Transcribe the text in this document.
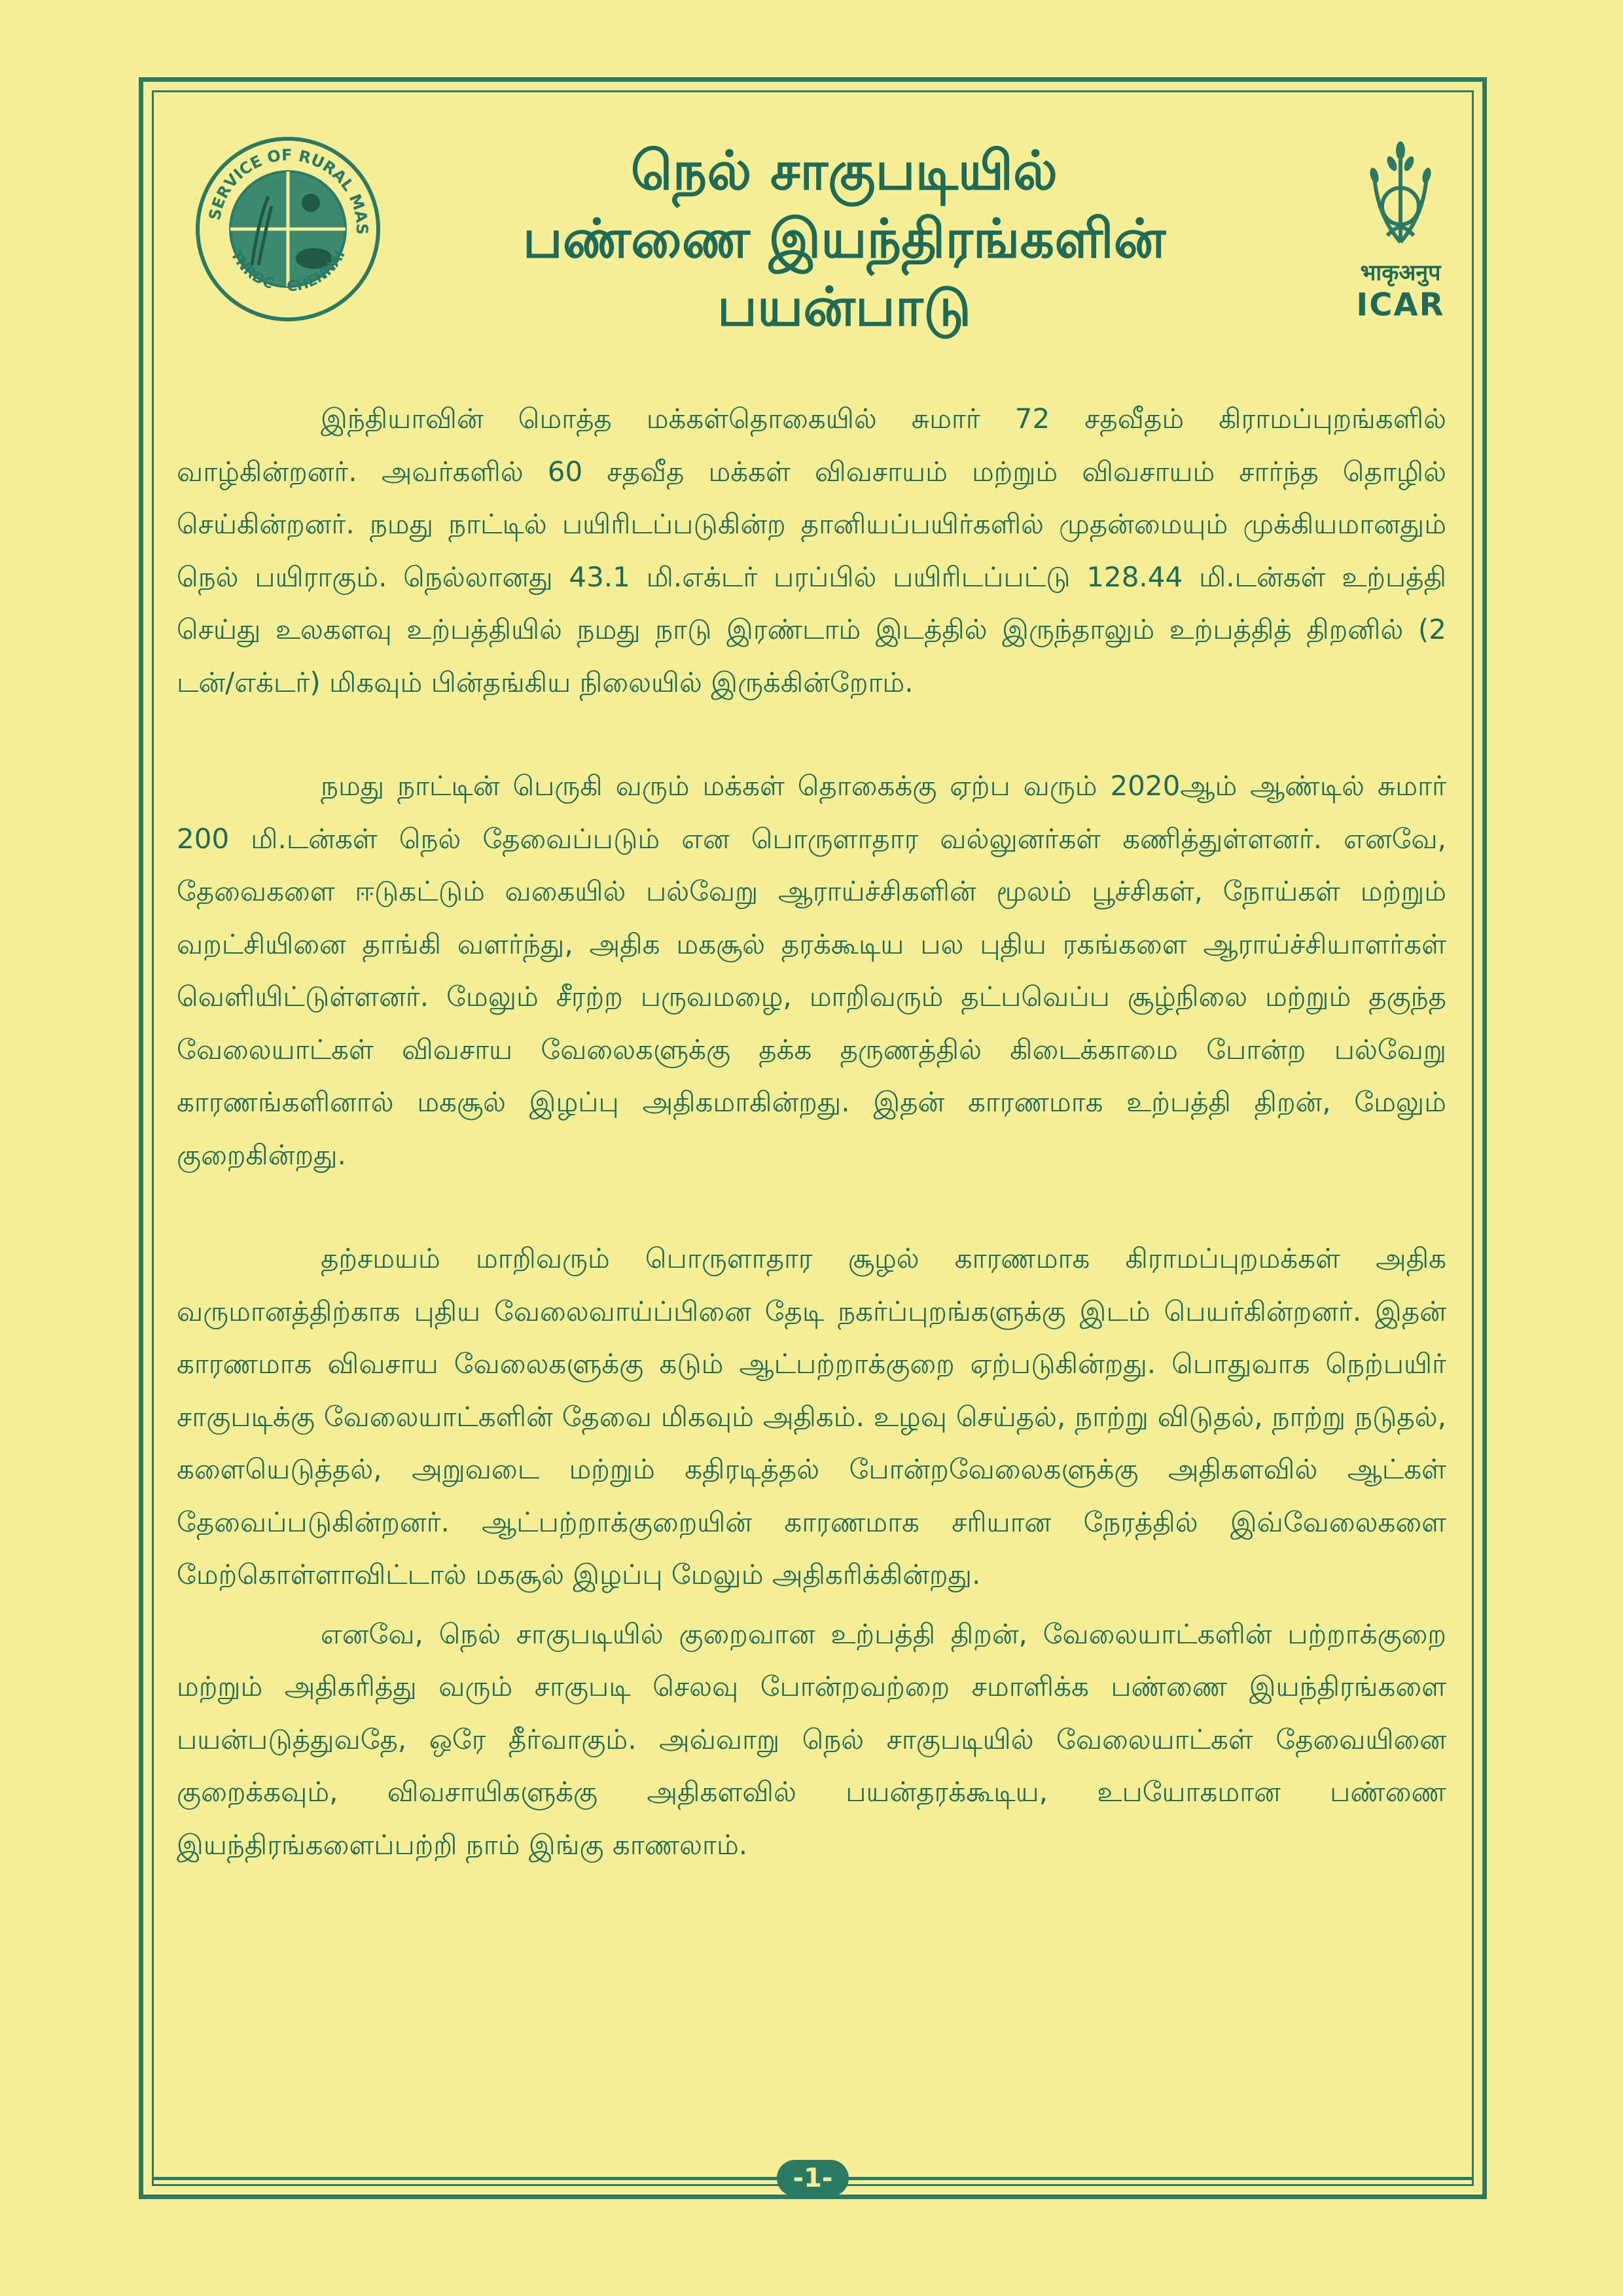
SERVICE OF RURAL MAS
TNRDC - CHENNAI
நெல் சாகுபடியில்
பண்ணை இயந்திரங்களின்
பயன்பாடு
भाकृअनुप
ICAR

இந்தியாவின் மொத்த மக்கள்தொகையில் சுமார் 72 சதவீதம் கிராமப்புறங்களில் வாழ்கின்றனர். அவர்களில் 60 சதவீத மக்கள் விவசாயம் மற்றும் விவசாயம் சார்ந்த தொழில் செய்கின்றனர். நமது நாட்டில் பயிரிடப்படுகின்ற தானியப்பயிர்களில் முதன்மையும் முக்கியமானதும் நெல் பயிராகும். நெல்லானது 43.1 மி.எக்டர் பரப்பில் பயிரிடப்பட்டு 128.44 மி.டன்கள் உற்பத்தி செய்து உலகளவு உற்பத்தியில் நமது நாடு இரண்டாம் இடத்தில் இருந்தாலும் உற்பத்தித் திறனில் (2 டன்/எக்டர்) மிகவும் பின்தங்கிய நிலையில் இருக்கின்றோம்.

நமது நாட்டின் பெருகி வரும் மக்கள் தொகைக்கு ஏற்ப வரும் 2020ஆம் ஆண்டில் சுமார் 200 மி.டன்கள் நெல் தேவைப்படும் என பொருளாதார வல்லுனர்கள் கணித்துள்ளனர். எனவே, தேவைகளை ஈடுகட்டும் வகையில் பல்வேறு ஆராய்ச்சிகளின் மூலம் பூச்சிகள், நோய்கள் மற்றும் வறட்சியினை தாங்கி வளர்ந்து, அதிக மகசூல் தரக்கூடிய பல புதிய ரகங்களை ஆராய்ச்சியாளர்கள் வெளியிட்டுள்ளனர். மேலும் சீரற்ற பருவமழை, மாறிவரும் தட்பவெப்ப சூழ்நிலை மற்றும் தகுந்த வேலையாட்கள் விவசாய வேலைகளுக்கு தக்க தருணத்தில் கிடைக்காமை போன்ற பல்வேறு காரணங்களினால் மகசூல் இழப்பு அதிகமாகின்றது. இதன் காரணமாக உற்பத்தி திறன், மேலும் குறைகின்றது.

தற்சமயம் மாறிவரும் பொருளாதார சூழல் காரணமாக கிராமப்புறமக்கள் அதிக வருமானத்திற்காக புதிய வேலைவாய்ப்பினை தேடி நகர்ப்புறங்களுக்கு இடம் பெயர்கின்றனர். இதன் காரணமாக விவசாய வேலைகளுக்கு கடும் ஆட்பற்றாக்குறை ஏற்படுகின்றது. பொதுவாக நெற்பயிர் சாகுபடிக்கு வேலையாட்களின் தேவை மிகவும் அதிகம். உழவு செய்தல், நாற்று விடுதல், நாற்று நடுதல், களையெடுத்தல், அறுவடை மற்றும் கதிரடித்தல் போன்றவேலைகளுக்கு அதிகளவில் ஆட்கள் தேவைப்படுகின்றனர். ஆட்பற்றாக்குறையின் காரணமாக சரியான நேரத்தில் இவ்வேலைகளை மேற்கொள்ளாவிட்டால் மகசூல் இழப்பு மேலும் அதிகரிக்கின்றது.

எனவே, நெல் சாகுபடியில் குறைவான உற்பத்தி திறன், வேலையாட்களின் பற்றாக்குறை மற்றும் அதிகரித்து வரும் சாகுபடி செலவு போன்றவற்றை சமாளிக்க பண்ணை இயந்திரங்களை பயன்படுத்துவதே, ஒரே தீர்வாகும். அவ்வாறு நெல் சாகுபடியில் வேலையாட்கள் தேவையினை குறைக்கவும், விவசாயிகளுக்கு அதிகளவில் பயன்தரக்கூடிய, உபயோகமான பண்ணை இயந்திரங்களைப்பற்றி நாம் இங்கு காணலாம்.

-1-
